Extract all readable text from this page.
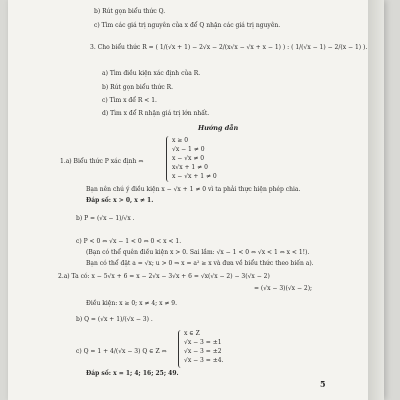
b) Rút gọn biểu thức Q.
c) Tìm các giá trị nguyên của x để Q nhận các giá trị nguyên.
3. Cho biểu thức R = ( 1/(√x + 1) − 2√x − 2/(x√x − √x + x − 1) ) : ( 1/(√x − 1) − 2/(x − 1) ).
a) Tìm điều kiện xác định của R.
b) Rút gọn biểu thức R.
c) Tìm x để R < 1.
d) Tìm x để R nhận giá trị lớn nhất.
Hướng dẫn
1.a) Biểu thức P xác định ⇔
x ≥ 0
√x − 1 ≠ 0
x − √x ≠ 0
x√x + 1 ≠ 0
x − √x + 1 ≠ 0
Bạn nên chú ý điều kiện x − √x + 1 ≠ 0 vì ta phải thực hiện phép chia.
Đáp số: x > 0, x ≠ 1.
b) P = (√x − 1)/√x .
c) P < 0 ⇔ √x − 1 < 0 ⇔ 0 < x < 1.
(Bạn có thể quên điều kiện x > 0. Sai lầm: √x − 1 < 0 ⇔ √x < 1 ⇔ x < 1!).
Bạn có thể đặt a = √x; u > 0 ⇒ x = a² ≥ x và đưa về biểu thức theo biến a).
2.a) Ta có: x − 5√x + 6 = x − 2√x − 3√x + 6 = √x(√x − 2) − 3(√x − 2)
= (√x − 3)(√x − 2);
Điều kiện: x ≥ 0; x ≠ 4; x ≠ 9.
b) Q = (√x + 1)/(√x − 3) .
c) Q = 1 + 4/(√x − 3) Q ∈ Z ⇔
x ∈ Z
√x − 3 = ±1
√x − 3 = ±2
√x − 3 = ±4.
Đáp số: x = 1; 4; 16; 25; 49.
5
